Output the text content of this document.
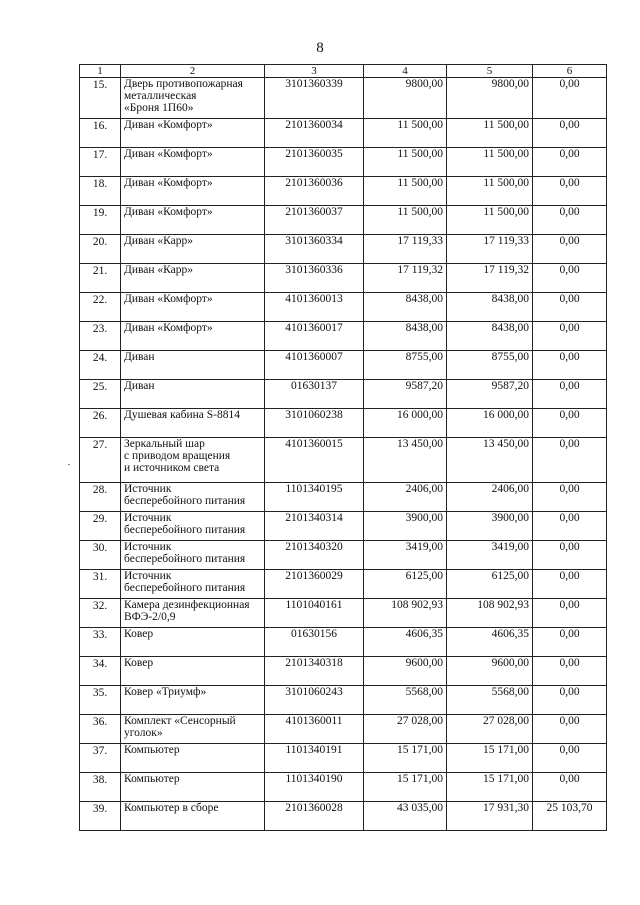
8
1	2	3	4	5	6
15.	Дверь противопожарная
металлическая
«Броня 1П60»	3101360339	9800,00	9800,00	0,00
16.	Диван «Комфорт»	2101360034	11 500,00	11 500,00	0,00
17.	Диван «Комфорт»	2101360035	11 500,00	11 500,00	0,00
18.	Диван «Комфорт»	2101360036	11 500,00	11 500,00	0,00
19.	Диван «Комфорт»	2101360037	11 500,00	11 500,00	0,00
20.	Диван «Карр»	3101360334	17 119,33	17 119,33	0,00
21.	Диван «Карр»	3101360336	17 119,32	17 119,32	0,00
22.	Диван «Комфорт»	4101360013	8438,00	8438,00	0,00
23.	Диван «Комфорт»	4101360017	8438,00	8438,00	0,00
24.	Диван	4101360007	8755,00	8755,00	0,00
25.	Диван	01630137	9587,20	9587,20	0,00
26.	Душевая кабина S-8814	3101060238	16 000,00	16 000,00	0,00
27.	Зеркальный шар
с приводом вращения
и источником света	4101360015	13 450,00	13 450,00	0,00
28.	Источник
бесперебойного питания	1101340195	2406,00	2406,00	0,00
29.	Источник
бесперебойного питания	2101340314	3900,00	3900,00	0,00
30.	Источник
бесперебойного питания	2101340320	3419,00	3419,00	0,00
31.	Источник
бесперебойного питания	2101360029	6125,00	6125,00	0,00
32.	Камера дезинфекционная
ВФЭ-2/0,9	1101040161	108 902,93	108 902,93	0,00
33.	Ковер	01630156	4606,35	4606,35	0,00
34.	Ковер	2101340318	9600,00	9600,00	0,00
35.	Ковер «Триумф»	3101060243	5568,00	5568,00	0,00
36.	Комплект «Сенсорный
уголок»	4101360011	27 028,00	27 028,00	0,00
37.	Компьютер	1101340191	15 171,00	15 171,00	0,00
38.	Компьютер	1101340190	15 171,00	15 171,00	0,00
39.	Компьютер в сборе	2101360028	43 035,00	17 931,30	25 103,70
